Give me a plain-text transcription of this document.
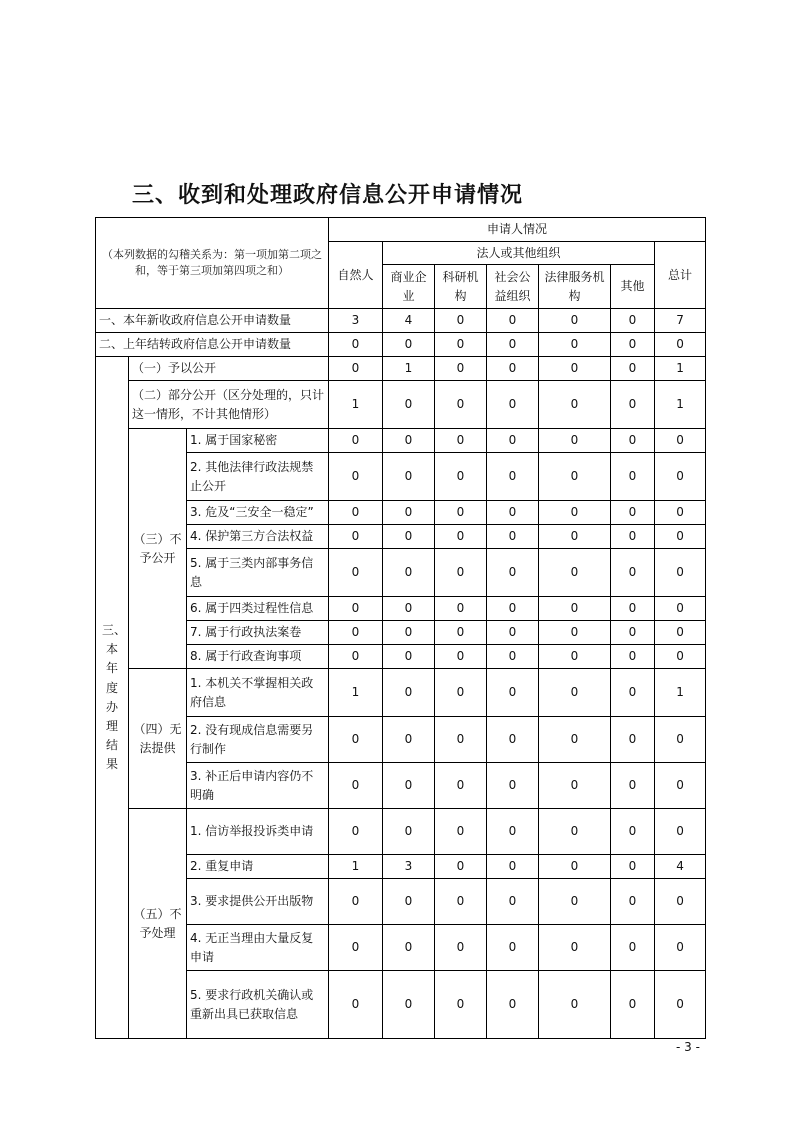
三、收到和处理政府信息公开申请情况
（本列数据的勾稽关系为：第一项加第二项之和，等于第三项加第四项之和）			申请人情况						
			自然人	法人或其他组织					总计
				商业企业	科研机构	社会公益组织	法律服务机构	其他	
一、本年新收政府信息公开申请数量			3	4	0	0	0	0	7
二、上年结转政府信息公开申请数量			0	0	0	0	0	0	0
三、本年度办理结果	（一）予以公开		0	1	0	0	0	0	1
	（二）部分公开（区分处理的，只计这一情形，不计其他情形）		1	0	0	0	0	0	1
	（三）不予公开	1. 属于国家秘密	0	0	0	0	0	0	0
		2. 其他法律行政法规禁止公开	0	0	0	0	0	0	0
		3. 危及“三安全一稳定”	0	0	0	0	0	0	0
		4. 保护第三方合法权益	0	0	0	0	0	0	0
		5. 属于三类内部事务信息	0	0	0	0	0	0	0
		6. 属于四类过程性信息	0	0	0	0	0	0	0
		7. 属于行政执法案卷	0	0	0	0	0	0	0
		8. 属于行政查询事项	0	0	0	0	0	0	0
	（四）无法提供	1. 本机关不掌握相关政府信息	1	0	0	0	0	0	1
		2. 没有现成信息需要另行制作	0	0	0	0	0	0	0
		3. 补正后申请内容仍不明确	0	0	0	0	0	0	0
	（五）不予处理	1. 信访举报投诉类申请	0	0	0	0	0	0	0
		2. 重复申请	1	3	0	0	0	0	4
		3. 要求提供公开出版物	0	0	0	0	0	0	0
		4. 无正当理由大量反复申请	0	0	0	0	0	0	0
		5. 要求行政机关确认或重新出具已获取信息	0	0	0	0	0	0	0
- 3 -
